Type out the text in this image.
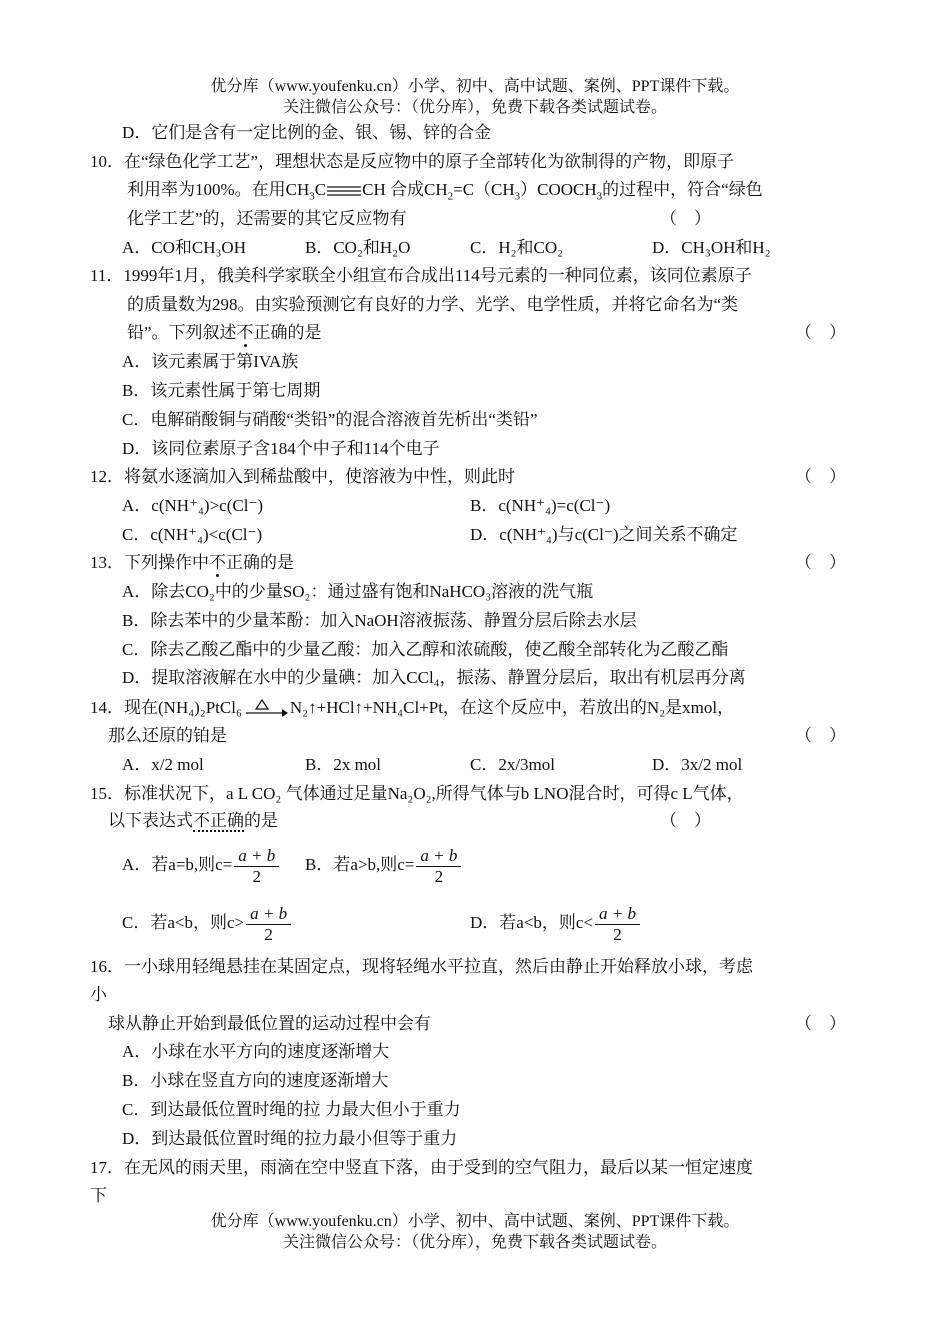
优分库（www.youfenku.cn）小学、初中、高中试题、案例、PPT课件下载。
关注微信公众号：（优分库），免费下载各类试题试卷。
D．它们是含有一定比例的金、银、锡、锌的合金
10．在“绿色化学工艺”，理想状态是反应物中的原子全部转化为欲制得的产物，即原子
利用率为100%。在用$CH_3C$ CH 合成$CH_2=C(CH_3)COOCH_3$的过程中，符合“绿色
化学工艺”的，还需要的其它反应物有	（　）
A．CO和CH₃OH	B．CO₂和H₂O	C．H₂和CO₂	D．CH₃OH和H₂
11．1999年1月，俄美科学家联全小组宣布合成出114号元素的一种同位素，该同位素原子
的质量数为298。由实验预测它有良好的力学、光学、电学性质，并将它命名为“类
铅”。下列叙述不正确的是	（　）
A．该元素属于第IVA族
B．该元素性属于第七周期
C．电解硝酸铜与硝酸“类铅”的混合溶液首先析出“类铅”
D．该同位素原子含184个中子和114个电子
12．将氨水逐滴加入到稀盐酸中，使溶液为中性，则此时	（　）
A．c(NH⁺₄)>c(Cl⁻)	B．c(NH⁺₄)=c(Cl⁻)
C．c(NH⁺₄)<c(Cl⁻)	D．c(NH⁺₄)与c(Cl⁻)之间关系不确定
13．下列操作中不正确的是	（　）
A．除去CO₂中的少量SO₂：通过盛有饱和NaHCO₃溶液的洗气瓶
B．除去苯中的少量苯酚：加入NaOH溶液振荡、静置分层后除去水层
C．除去乙酸乙酯中的少量乙酸：加入乙醇和浓硫酸，使乙酸全部转化为乙酸乙酯
D．提取溶液解在水中的少量碘：加入CCl₄，振荡、静置分层后，取出有机层再分离
14．现在(NH₄)₂PtCl₆	N₂↑+HCl↑+NH₄Cl+Pt，在这个反应中，若放出的N₂是xmol，
那么还原的铂是	（　）
A．x/2 mol	B．2x mol	C．2x/3mol	D．3x/2 mol
15．标准状况下，a L CO₂ 气体通过足量Na₂O₂,所得气体与b LNO混合时，可得c L气体，
以下表达式不正确的是	（　）
A．若a=b,则$c= \frac{a + b}{2}$ B．若a>b,则$c= \frac{a + b}{2}$
C．若a<b，则$c> \frac{a + b}{2}$	D．若a<b，则$c< \frac{a + b}{2}$
16．一小球用轻绳悬挂在某固定点，现将轻绳水平拉直，然后由静止开始释放小球，考虑
小
球从静止开始到最低位置的运动过程中会有	（　）
A．小球在水平方向的速度逐渐增大
B．小球在竖直方向的速度逐渐增大
C．到达最低位置时绳的拉 力最大但小于重力
D．到达最低位置时绳的拉力最小但等于重力
17．在无风的雨天里，雨滴在空中竖直下落，由于受到的空气阻力，最后以某一恒定速度
下
优分库（www.youfenku.cn）小学、初中、高中试题、案例、PPT课件下载。
关注微信公众号：（优分库），免费下载各类试题试卷。
